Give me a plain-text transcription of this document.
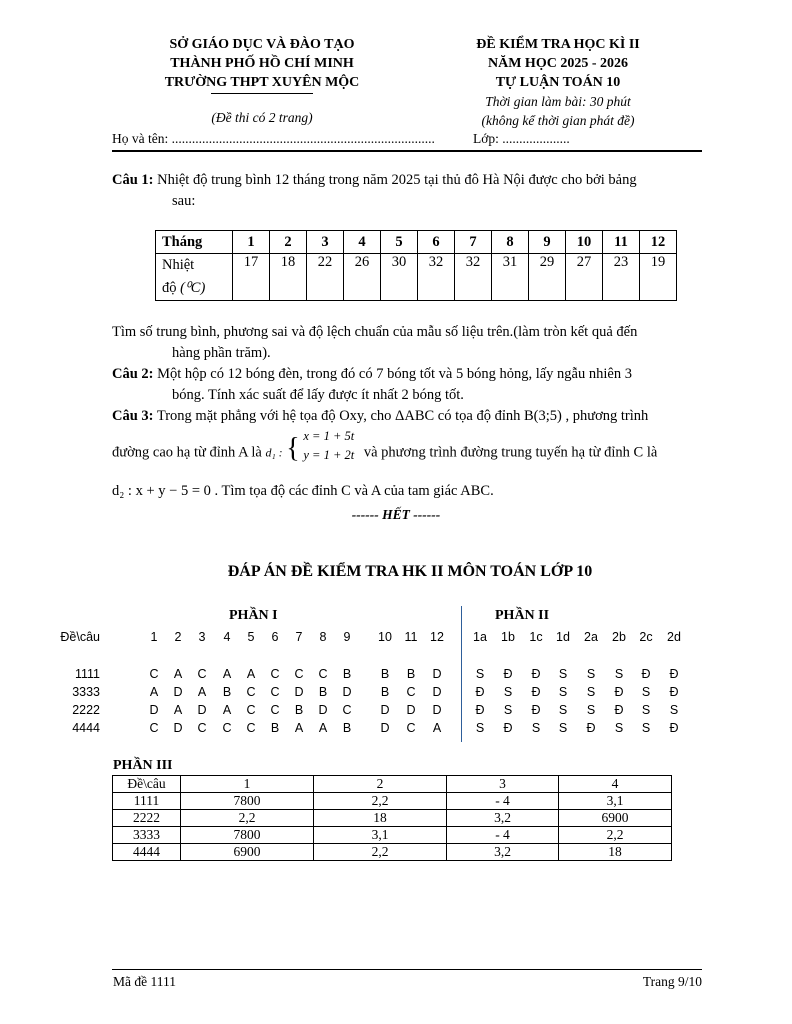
SỞ GIÁO DỤC VÀ ĐÀO TẠO
THÀNH PHỐ HỒ CHÍ MINH
TRƯỜNG THPT XUYÊN MỘC
(Đề thi có 2 trang)
ĐỀ KIỂM TRA HỌC KÌ II
NĂM HỌC 2025 - 2026
TỰ LUẬN TOÁN 10
Thời gian làm bài: 30 phút
(không kể thời gian phát đề)
Họ và tên: ..............................................................................	Lớp: ....................
Câu 1: Nhiệt độ trung bình 12 tháng trong năm 2025 tại thủ đô Hà Nội được cho bởi bảng
sau:
Tháng	1	2	3	4	5	6	7	8	9	10	11	12
Nhiệt
độ (⁰C)	17	18	22	26	30	32	32	31	29	27	23	19
Tìm số trung bình, phương sai và độ lệch chuẩn của mẫu số liệu trên.(làm tròn kết quả đến
hàng phần trăm).
Câu 2: Một hộp có 12 bóng đèn, trong đó có 7 bóng tốt và 5 bóng hỏng, lấy ngẫu nhiên 3
bóng. Tính xác suất để lấy được ít nhất 2 bóng tốt.
Câu 3: Trong mặt phẳng với hệ tọa độ Oxy, cho ΔABC có tọa độ đỉnh B(3;5) , phương trình
đường cao hạ từ đỉnh A là d₁ : { x = 1 + 5t
y = 1 + 2t và phương trình đường trung tuyến hạ từ đỉnh C là
d₂ : x + y − 5 = 0 . Tìm tọa độ các đỉnh C và A của tam giác ABC.
------ HẾT ------
ĐÁP ÁN ĐỀ KIỂM TRA HK II MÔN TOÁN LỚP 10
PHẦN I	PHẦN II
Đề\câu	1	2	3	4	5	6	7	8	9	10	11	12	1a	1b	1c	1d	2a	2b	2c	2d
1111	C	A	C	A	A	C	C	C	B	B	B	D	S	Đ	Đ	S	S	S	Đ	Đ
3333	A	D	A	B	C	C	D	B	D	B	C	D	Đ	S	Đ	S	S	Đ	S	Đ
2222	D	A	D	A	C	C	B	D	C	D	D	D	Đ	S	Đ	S	S	Đ	S	S
4444	C	D	C	C	C	B	A	A	B	D	C	A	S	Đ	S	S	Đ	S	S	Đ
PHẦN III
Đề\câu	1	2	3	4
1111	7800	2,2	- 4	3,1
2222	2,2	18	3,2	6900
3333	7800	3,1	- 4	2,2
4444	6900	2,2	3,2	18
Mã đề 1111	Trang 9/10
